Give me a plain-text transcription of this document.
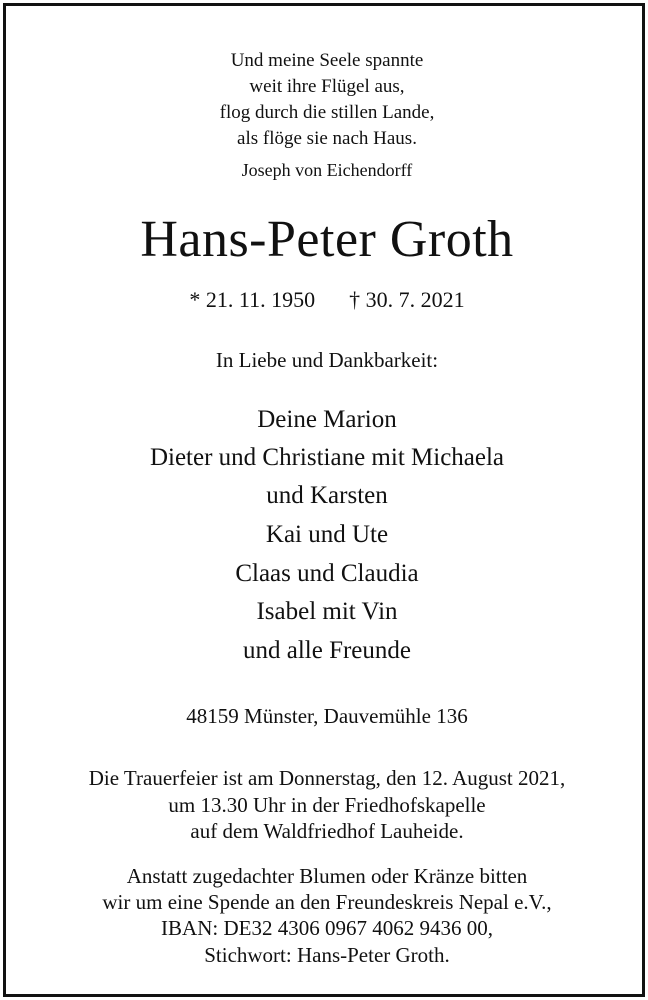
Und meine Seele spannte
weit ihre Flügel aus,
flog durch die stillen Lande,
als flöge sie nach Haus.
Joseph von Eichendorff
Hans-Peter Groth
* 21. 11. 1950 † 30. 7. 2021
In Liebe und Dankbarkeit:
Deine Marion
Dieter und Christiane mit Michaela
und Karsten
Kai und Ute
Claas und Claudia
Isabel mit Vin
und alle Freunde
48159 Münster, Dauvemühle 136
Die Trauerfeier ist am Donnerstag, den 12. August 2021,
um 13.30 Uhr in der Friedhofskapelle
auf dem Waldfriedhof Lauheide.
Anstatt zugedachter Blumen oder Kränze bitten
wir um eine Spende an den Freundeskreis Nepal e.V.,
IBAN: DE32 4306 0967 4062 9436 00,
Stichwort: Hans-Peter Groth.
